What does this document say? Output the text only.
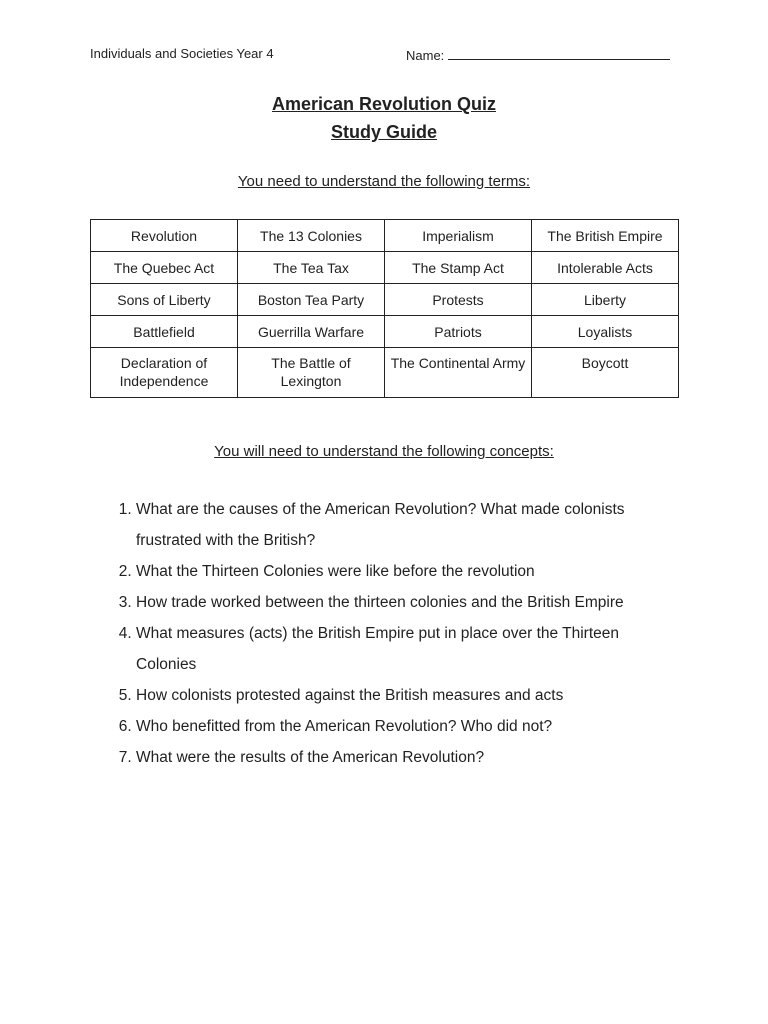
Individuals and Societies Year 4	Name:
American Revolution Quiz
Study Guide
You need to understand the following terms:
Revolution	The 13 Colonies	Imperialism	The British Empire
The Quebec Act	The Tea Tax	The Stamp Act	Intolerable Acts
Sons of Liberty	Boston Tea Party	Protests	Liberty
Battlefield	Guerrilla Warfare	Patriots	Loyalists
Declaration of Independence	The Battle of Lexington	The Continental Army	Boycott
You will need to understand the following concepts:
1. What are the causes of the American Revolution? What made colonists frustrated with the British?
2. What the Thirteen Colonies were like before the revolution
3. How trade worked between the thirteen colonies and the British Empire
4. What measures (acts) the British Empire put in place over the Thirteen Colonies
5. How colonists protested against the British measures and acts
6. Who benefitted from the American Revolution? Who did not?
7. What were the results of the American Revolution?
